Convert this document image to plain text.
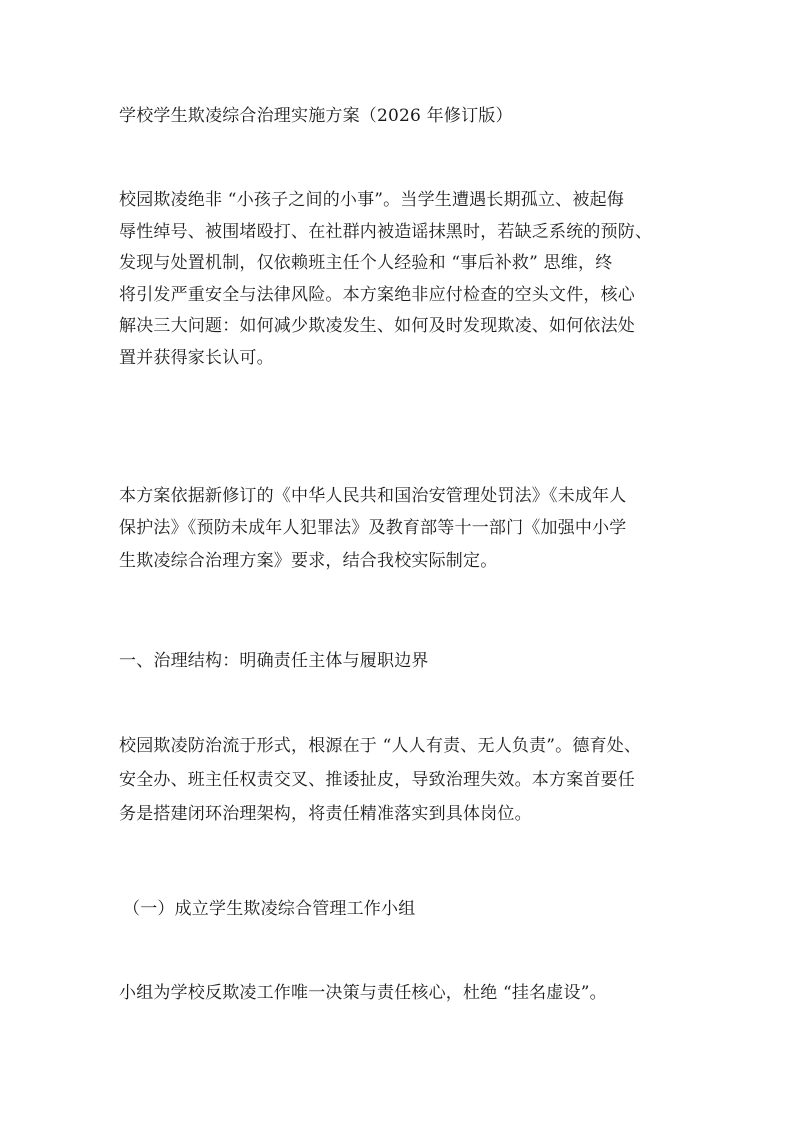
学校学生欺凌综合治理实施方案（2026 年修订版）
校园欺凌绝非 “小孩子之间的小事”。当学生遭遇长期孤立、被起侮
辱性绰号、被围堵殴打、在社群内被造谣抹黑时，若缺乏系统的预防、
发现与处置机制，仅依赖班主任个人经验和 “事后补救” 思维，终
将引发严重安全与法律风险。本方案绝非应付检查的空头文件，核心
解决三大问题：如何减少欺凌发生、如何及时发现欺凌、如何依法处
置并获得家长认可。
本方案依据新修订的《中华人民共和国治安管理处罚法》《未成年人
保护法》《预防未成年人犯罪法》及教育部等十一部门《加强中小学
生欺凌综合治理方案》要求，结合我校实际制定。
一、治理结构：明确责任主体与履职边界
校园欺凌防治流于形式，根源在于 “人人有责、无人负责”。德育处、
安全办、班主任权责交叉、推诿扯皮，导致治理失效。本方案首要任
务是搭建闭环治理架构，将责任精准落实到具体岗位。
（一）成立学生欺凌综合管理工作小组
小组为学校反欺凌工作唯一决策与责任核心，杜绝 “挂名虚设”。
